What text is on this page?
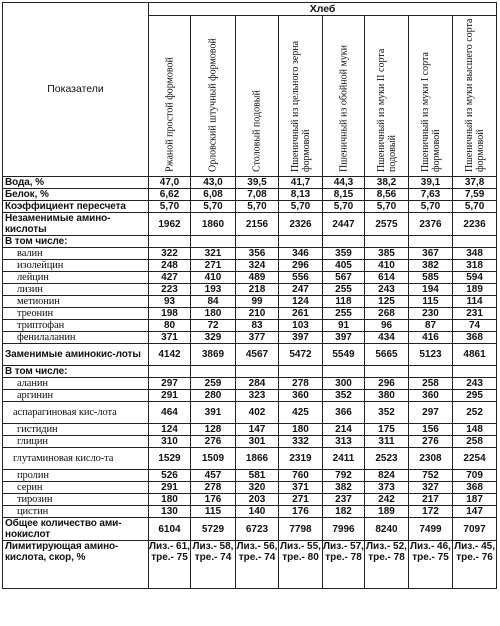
Показатели	Хлеб							

	Ржаной простой формовой	Орловский штучный формовой	Столовый подовый	Пшеничный из цельного зерна формовой	Пшеничный из обойной муки	Пшеничный из муки II сорта подовый	Пшеничный из муки I сорта формовой	Пшеничный из муки высшего сорта формовой

Вода, %	47,0	43,0	39,5	41,7	44,3	38,2	39,1	37,8
Белок, %	6,62	6,08	7,08	8,13	8,15	8,56	7,63	7,59
Коэффициент пересчета	5,70	5,70	5,70	5,70	5,70	5,70	5,70	5,70
Незаменимые амино-кислоты	1962	1860	2156	2326	2447	2575	2376	2236
В том числе:								
валин	322	321	356	346	359	385	367	348
изолейцин	248	271	324	296	405	410	382	318
лейцин	427	410	489	556	567	614	585	594
лизин	223	193	218	247	255	243	194	189
метионин	93	84	99	124	118	125	115	114
треонин	198	180	210	261	255	268	230	231
триптофан	80	72	83	103	91	96	87	74
фенилаланин	371	329	377	397	397	434	416	368
Заменимые аминокис-лоты	4142	3869	4567	5472	5549	5665	5123	4861
В том числе:								
аланин	297	259	284	278	300	296	258	243
аргинин	291	280	323	360	352	380	360	295
аспарагиновая кис-лота	464	391	402	425	366	352	297	252
гистидин	124	128	147	180	214	175	156	148
глицин	310	276	301	332	313	311	276	258
глутаминовая кисло-та	1529	1509	1866	2319	2411	2523	2308	2254
пролин	526	457	581	760	792	824	752	709
серин	291	278	320	371	382	373	327	368
тирозин	180	176	203	271	237	242	217	187
цистин	130	115	140	176	182	189	172	147
Общее количество ами-нокислот	6104	5729	6723	7798	7996	8240	7499	7097
Лимитирующая амино-кислота, скор, %	Лиз.- 61, тре.- 75	Лиз.- 58, тре.- 74	Лиз.- 56, тре.- 74	Лиз.- 55, тре.- 80	Лиз.- 57, тре.- 78	Лиз.- 52, тре.- 78	Лиз.- 46, тре.- 75	Лиз.- 45, тре.- 76
